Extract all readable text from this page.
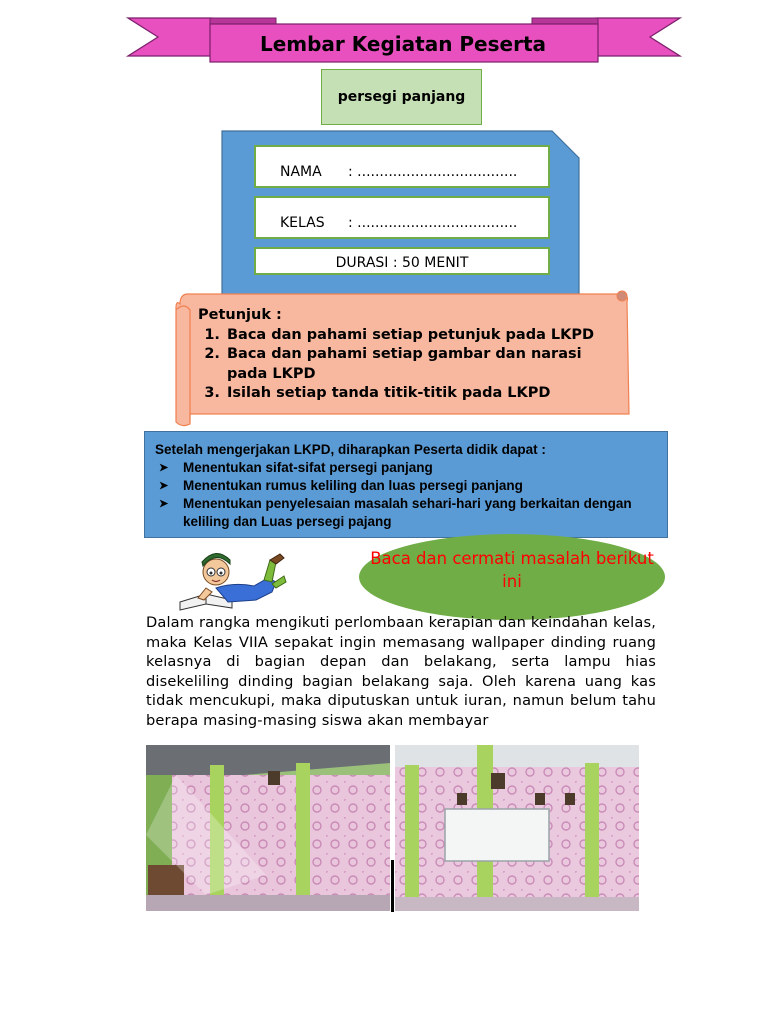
Lembar Kegiatan Peserta
persegi panjang
NAMA : ....................................
KELAS : ....................................
DURASI : 50 MENIT
Petunjuk :
1. Baca dan pahami setiap petunjuk pada LKPD
2. Baca dan pahami setiap gambar dan narasi pada LKPD
3. Isilah setiap tanda titik-titik pada LKPD
Setelah mengerjakan LKPD, diharapkan Peserta didik dapat :
➤ Menentukan sifat-sifat persegi panjang
➤ Menentukan rumus keliling dan luas persegi panjang
➤ Menentukan penyelesaian masalah sehari-hari yang berkaitan dengan keliling dan Luas persegi pajang
Baca dan cermati masalah berikut ini
Dalam rangka mengikuti perlombaan kerapian dan keindahan kelas, maka Kelas VIIA sepakat ingin memasang wallpaper dinding ruang kelasnya di bagian depan dan belakang, serta lampu hias disekeliling dinding bagian belakang saja. Oleh karena uang kas tidak mencukupi, maka diputuskan untuk iuran, namun belum tahu berapa masing-masing siswa akan membayar
